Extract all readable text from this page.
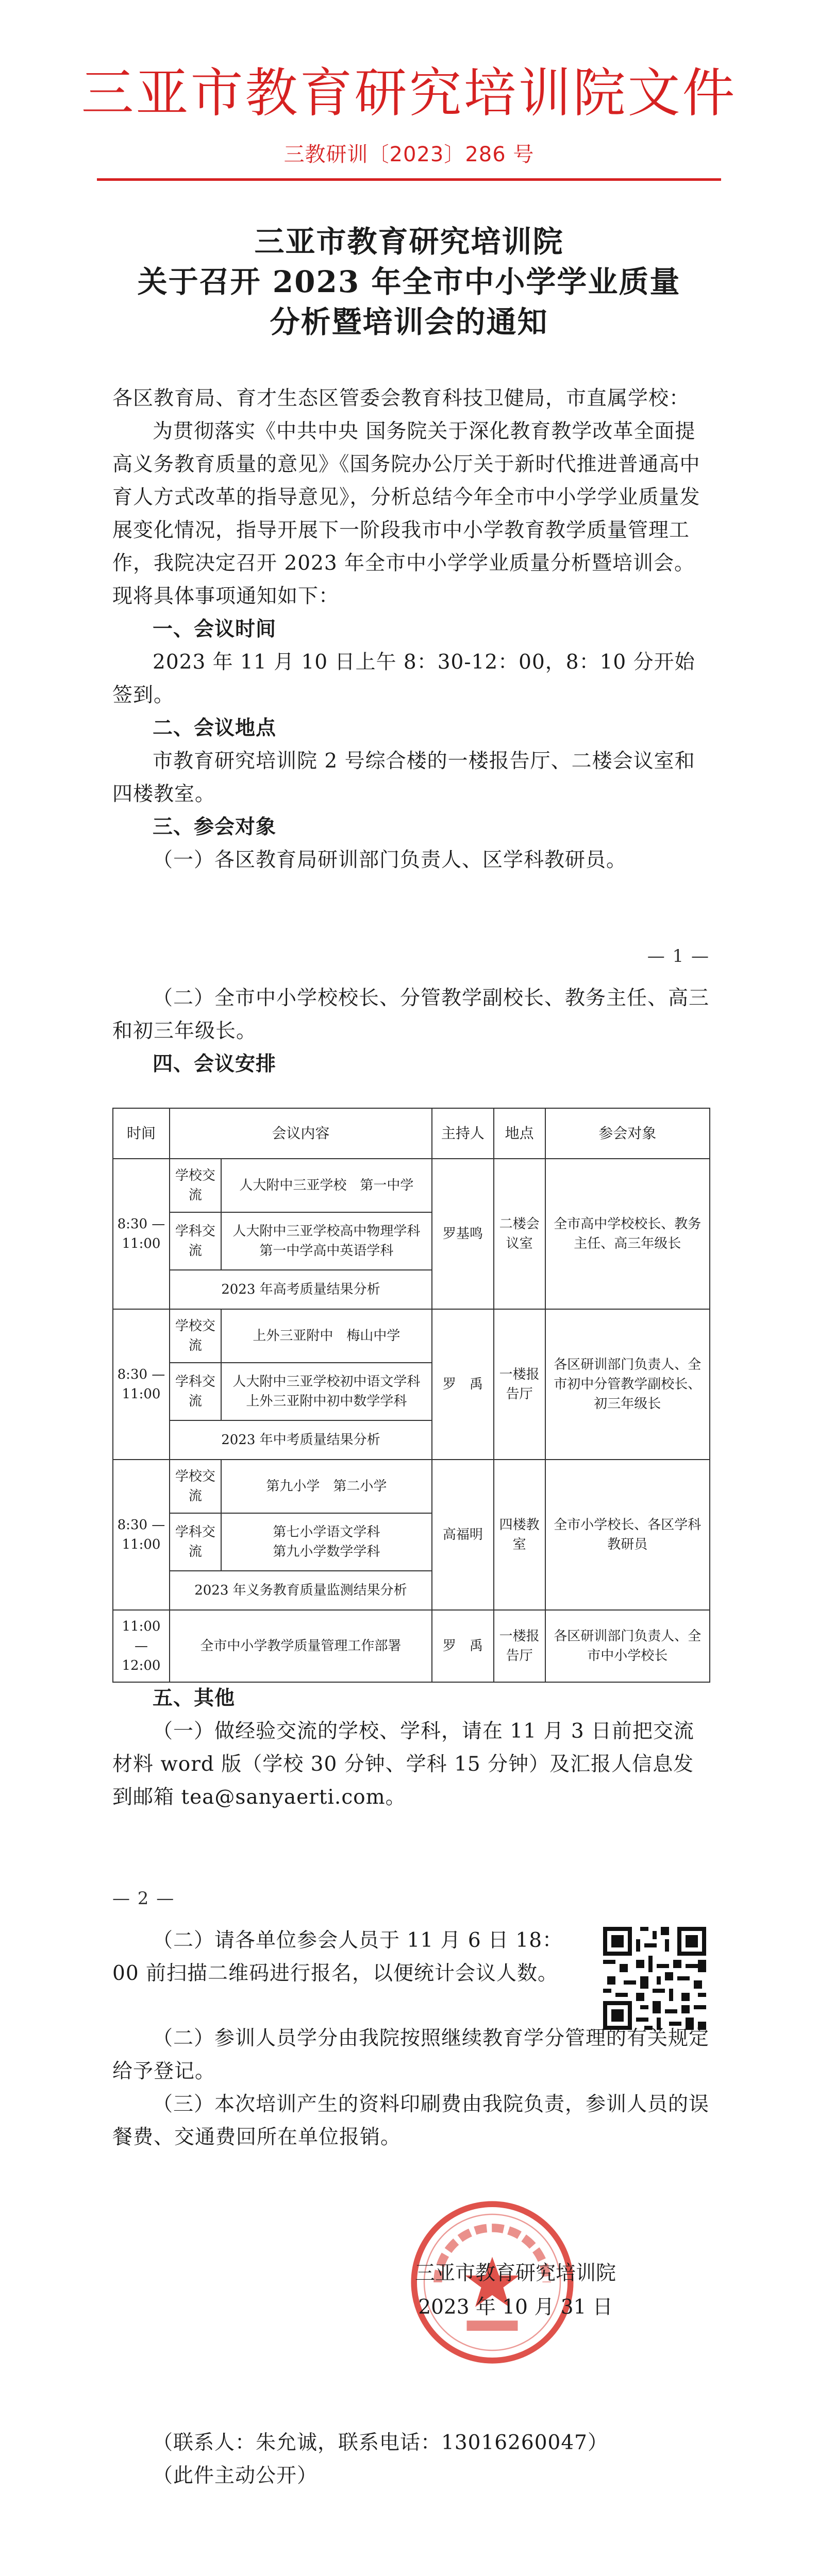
三亚市教育研究培训院文件
三教研训〔2023〕286 号
三亚市教育研究培训院
关于召开 2023 年全市中小学学业质量
分析暨培训会的通知

各区教育局、育才生态区管委会教育科技卫健局，市直属学校：

为贯彻落实《中共中央 国务院关于深化教育教学改革全面提高义务教育质量的意见》《国务院办公厅关于新时代推进普通高中育人方式改革的指导意见》，分析总结今年全市中小学学业质量发展变化情况，指导开展下一阶段我市中小学教育教学质量管理工作，我院决定召开 2023 年全市中小学学业质量分析暨培训会。现将具体事项通知如下：

一、会议时间

2023 年 11 月 10 日上午 8：30-12：00，8：10 分开始签到。

二、会议地点

市教育研究培训院 2 号综合楼的一楼报告厅、二楼会议室和四楼教室。

三、参会对象

（一）各区教育局研训部门负责人、区学科教研员。

— 1 —

（二）全市中小学校校长、分管教学副校长、教务主任、高三和初三年级长。

四、会议安排

时间	会议内容		主持人	地点	参会对象
8:30 — 11:00	学校交流	人大附中三亚学校　第一中学	罗基鸣	二楼会议室	全市高中学校校长、教务主任、高三年级长
	学科交流	人大附中三亚学校高中物理学科
第一中学高中英语学科			

	2023 年高考质量结果分析				
8:30 — 11:00	学校交流	上外三亚附中　梅山中学	罗　禹	一楼报告厅	各区研训部门负责人、全市初中分管教学副校长、初三年级长
	学科交流	人大附中三亚学校初中语文学科
上外三亚附中初中数学学科			

	2023 年中考质量结果分析				
8:30 — 11:00	学校交流	第九小学　第二小学	高福明	四楼教室	全市小学校长、各区学科教研员
	学科交流	第七小学语文学科
第九小学数学学科			

	2023 年义务教育质量监测结果分析				
11:00 — 12:00	全市中小学教学质量管理工作部署		罗　禹	一楼报告厅	各区研训部门负责人、全市中小学校长

五、其他

（一）做经验交流的学校、学科，请在 11 月 3 日前把交流材料 word 版（学校 30 分钟、学科 15 分钟）及汇报人信息发到邮箱 tea@sanyaerti.com。

— 2 —

（二）请各单位参会人员于 11 月 6 日 18：00 前扫描二维码进行报名，以便统计会议人数。

（二）参训人员学分由我院按照继续教育学分管理的有关规定给予登记。

（三）本次培训产生的资料印刷费由我院负责，参训人员的误餐费、交通费回所在单位报销。

三亚市教育研究培训院
2023 年 10 月 31 日

（联系人：朱允诚，联系电话：13016260047）

（此件主动公开）
